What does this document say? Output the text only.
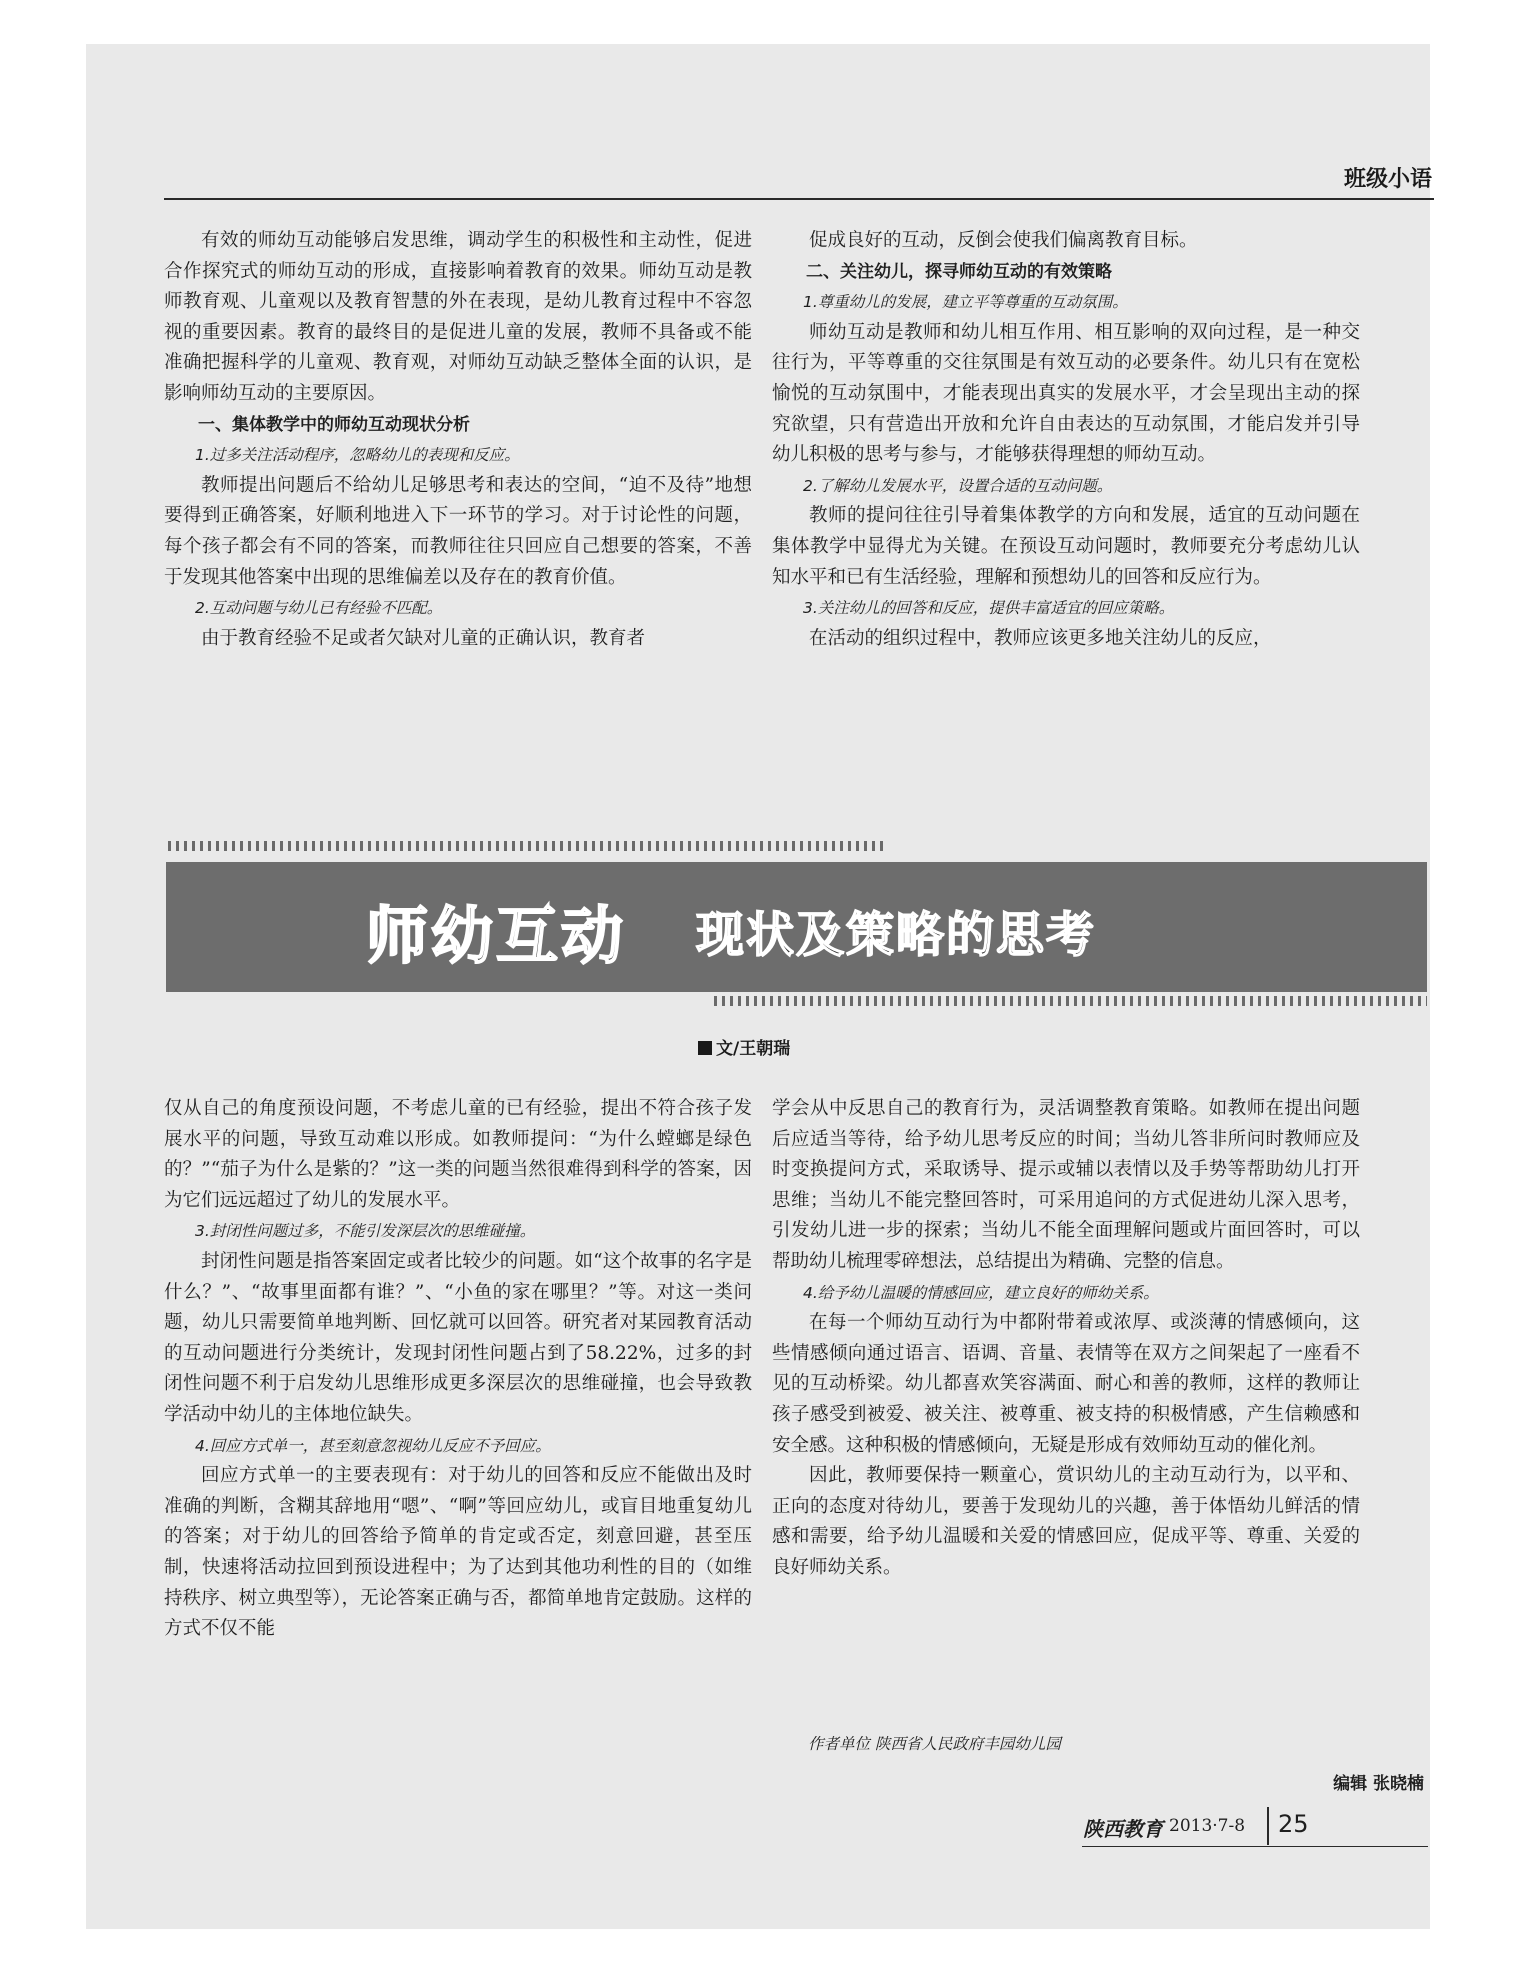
班级小语

有效的师幼互动能够启发思维，调动学生的积极性和主动性，促进合作探究式的师幼互动的形成，直接影响着教育的效果。师幼互动是教师教育观、儿童观以及教育智慧的外在表现，是幼儿教育过程中不容忽视的重要因素。教育的最终目的是促进儿童的发展，教师不具备或不能准确把握科学的儿童观、教育观，对师幼互动缺乏整体全面的认识，是影响师幼互动的主要原因。

一、集体教学中的师幼互动现状分析

1.过多关注活动程序，忽略幼儿的表现和反应。

教师提出问题后不给幼儿足够思考和表达的空间，“迫不及待”地想要得到正确答案，好顺利地进入下一环节的学习。对于讨论性的问题，每个孩子都会有不同的答案，而教师往往只回应自己想要的答案，不善于发现其他答案中出现的思维偏差以及存在的教育价值。

2.互动问题与幼儿已有经验不匹配。

由于教育经验不足或者欠缺对儿童的正确认识，教育者

促成良好的互动，反倒会使我们偏离教育目标。

二、关注幼儿，探寻师幼互动的有效策略

1.尊重幼儿的发展，建立平等尊重的互动氛围。

师幼互动是教师和幼儿相互作用、相互影响的双向过程，是一种交往行为，平等尊重的交往氛围是有效互动的必要条件。幼儿只有在宽松愉悦的互动氛围中，才能表现出真实的发展水平，才会呈现出主动的探究欲望，只有营造出开放和允许自由表达的互动氛围，才能启发并引导幼儿积极的思考与参与，才能够获得理想的师幼互动。

2.了解幼儿发展水平，设置合适的互动问题。

教师的提问往往引导着集体教学的方向和发展，适宜的互动问题在集体教学中显得尤为关键。在预设互动问题时，教师要充分考虑幼儿认知水平和已有生活经验，理解和预想幼儿的回答和反应行为。

3.关注幼儿的回答和反应，提供丰富适宜的回应策略。

在活动的组织过程中，教师应该更多地关注幼儿的反应，

师幼互动 现状及策略的思考
文/王朝瑞

仅从自己的角度预设问题，不考虑儿童的已有经验，提出不符合孩子发展水平的问题，导致互动难以形成。如教师提问：“为什么螳螂是绿色的？”“茄子为什么是紫的？”这一类的问题当然很难得到科学的答案，因为它们远远超过了幼儿的发展水平。

3.封闭性问题过多，不能引发深层次的思维碰撞。

封闭性问题是指答案固定或者比较少的问题。如“这个故事的名字是什么？”、“故事里面都有谁？”、“小鱼的家在哪里？”等。对这一类问题，幼儿只需要简单地判断、回忆就可以回答。研究者对某园教育活动的互动问题进行分类统计，发现封闭性问题占到了58.22%，过多的封闭性问题不利于启发幼儿思维形成更多深层次的思维碰撞，也会导致教学活动中幼儿的主体地位缺失。

4.回应方式单一，甚至刻意忽视幼儿反应不予回应。

回应方式单一的主要表现有：对于幼儿的回答和反应不能做出及时准确的判断，含糊其辞地用“嗯”、“啊”等回应幼儿，或盲目地重复幼儿的答案；对于幼儿的回答给予简单的肯定或否定，刻意回避，甚至压制，快速将活动拉回到预设进程中；为了达到其他功利性的目的（如维持秩序、树立典型等），无论答案正确与否，都简单地肯定鼓励。这样的方式不仅不能

学会从中反思自己的教育行为，灵活调整教育策略。如教师在提出问题后应适当等待，给予幼儿思考反应的时间；当幼儿答非所问时教师应及时变换提问方式，采取诱导、提示或辅以表情以及手势等帮助幼儿打开思维；当幼儿不能完整回答时，可采用追问的方式促进幼儿深入思考，引发幼儿进一步的探索；当幼儿不能全面理解问题或片面回答时，可以帮助幼儿梳理零碎想法，总结提出为精确、完整的信息。

4.给予幼儿温暖的情感回应，建立良好的师幼关系。

在每一个师幼互动行为中都附带着或浓厚、或淡薄的情感倾向，这些情感倾向通过语言、语调、音量、表情等在双方之间架起了一座看不见的互动桥梁。幼儿都喜欢笑容满面、耐心和善的教师，这样的教师让孩子感受到被爱、被关注、被尊重、被支持的积极情感，产生信赖感和安全感。这种积极的情感倾向，无疑是形成有效师幼互动的催化剂。

因此，教师要保持一颗童心，赏识幼儿的主动互动行为，以平和、正向的态度对待幼儿，要善于发现幼儿的兴趣，善于体悟幼儿鲜活的情感和需要，给予幼儿温暖和关爱的情感回应，促成平等、尊重、关爱的良好师幼关系。

作者单位 陕西省人民政府丰园幼儿园
编辑 张晓楠
陕西教育 2013·7-8 25
